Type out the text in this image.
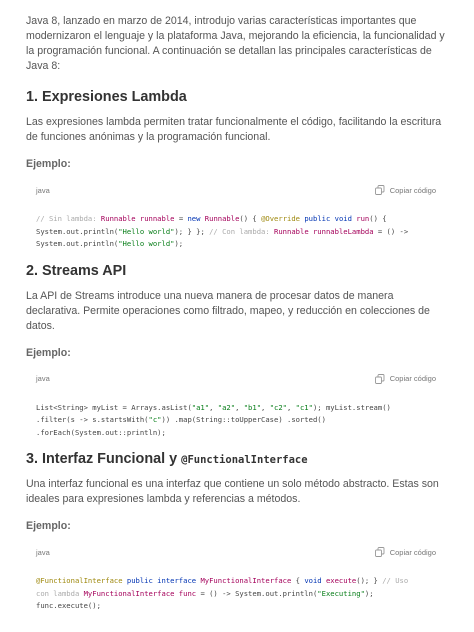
Java 8, lanzado en marzo de 2014, introdujo varias características importantes que modernizaron el lenguaje y la plataforma Java, mejorando la eficiencia, la funcionalidad y la programación funcional. A continuación se detallan las principales características de Java 8:

1. Expresiones Lambda

Las expresiones lambda permiten tratar funcionalmente el código, facilitando la escritura de funciones anónimas y la programación funcional.

Ejemplo:
java	Copiar código
// Sin lambda: Runnable runnable = new Runnable() { @Override public void run() {
System.out.println("Hello world"); } }; // Con lambda: Runnable runnableLambda = () ->
System.out.println("Hello world");
2. Streams API

La API de Streams introduce una nueva manera de procesar datos de manera declarativa. Permite operaciones como filtrado, mapeo, y reducción en colecciones de datos.

Ejemplo:
java	Copiar código
List<String> myList = Arrays.asList("a1", "a2", "b1", "c2", "c1"); myList.stream()
.filter(s -> s.startsWith("c")) .map(String::toUpperCase) .sorted()
.forEach(System.out::println);
3. Interfaz Funcional y @FunctionalInterface

Una interfaz funcional es una interfaz que contiene un solo método abstracto. Estas son ideales para expresiones lambda y referencias a métodos.

Ejemplo:
java	Copiar código
@FunctionalInterface public interface MyFunctionalInterface { void execute(); } // Uso
con lambda MyFunctionalInterface func = () -> System.out.println("Executing");
func.execute();
